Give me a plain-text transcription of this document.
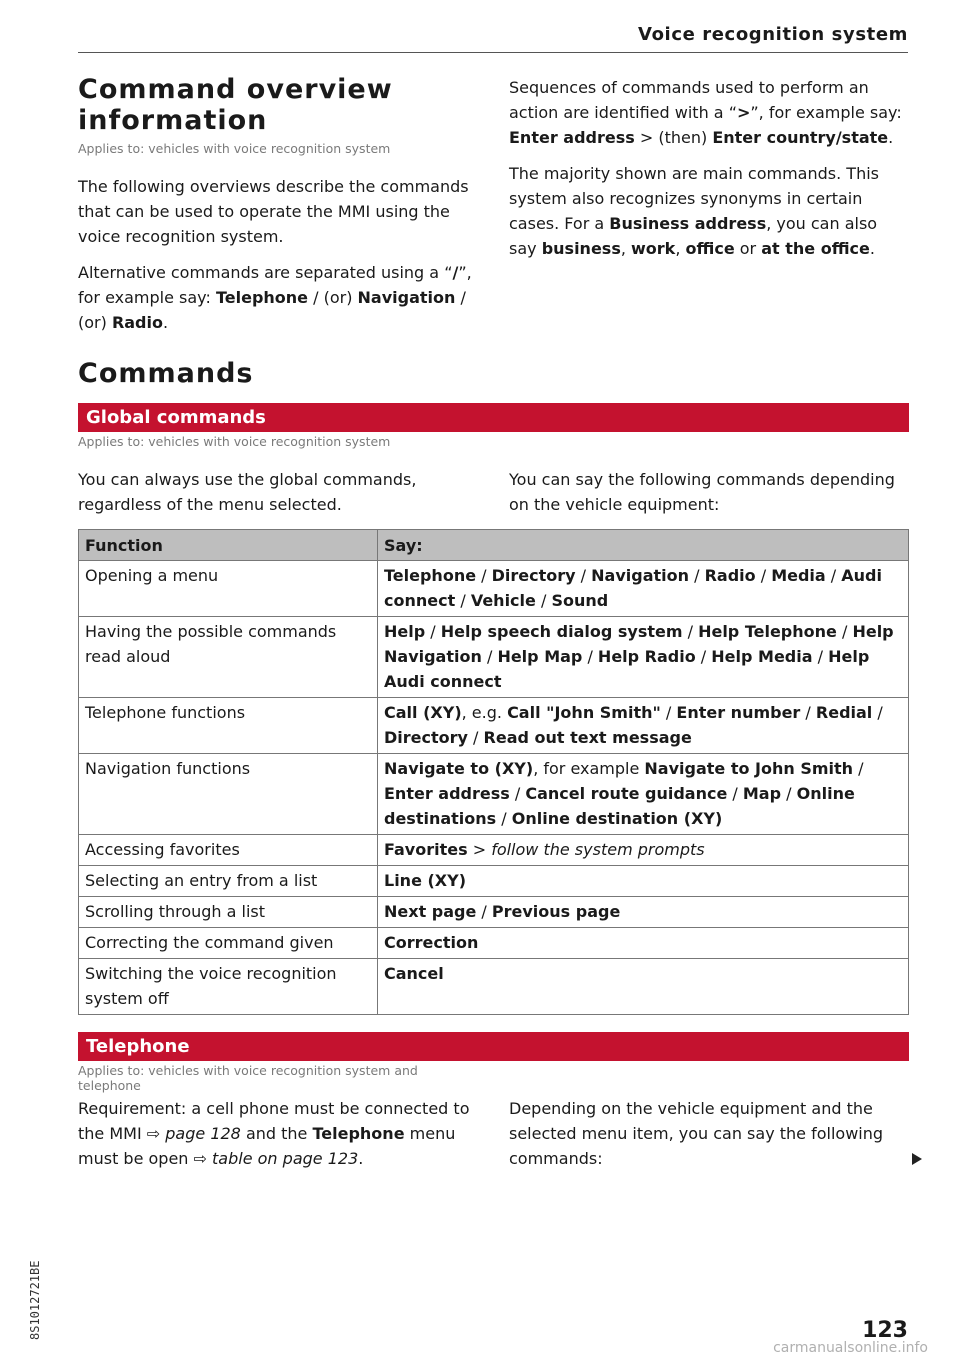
Voice recognition system
Command overview
information
Applies to: vehicles with voice recognition system

The following overviews describe the commands that can be used to operate the MMI using the voice recognition system.

Alternative commands are separated using a “/”, for example say: Telephone / (or) Navigation / (or) Radio.

Sequences of commands used to perform an action are identified with a “>”, for example say: Enter address > (then) Enter country/state.

The majority shown are main commands. This system also recognizes synonyms in certain cases. For a Business address, you can also say business, work, office or at the office.

Commands
Global commands
Applies to: vehicles with voice recognition system

You can always use the global commands, regardless of the menu selected.

You can say the following commands depending on the vehicle equipment:

Function	Say:
Opening a menu	Telephone / Directory / Navigation / Radio / Media / Audi connect / Vehicle / Sound
Having the possible commands read aloud	Help / Help speech dialog system / Help Telephone / Help Navigation / Help Map / Help Radio / Help Media / Help Audi connect
Telephone functions	Call (XY), e.g. Call "John Smith" / Enter number / Redial / Directory / Read out text message
Navigation functions	Navigate to (XY), for example Navigate to John Smith / Enter address / Cancel route guidance / Map / Online destinations / Online destination (XY)
Accessing favorites	Favorites > follow the system prompts
Selecting an entry from a list	Line (XY)
Scrolling through a list	Next page / Previous page
Correcting the command given	Correction
Switching the voice recognition system off	Cancel
Telephone
Applies to: vehicles with voice recognition system and telephone

Requirement: a cell phone must be connected to the MMI ⇨ page 128 and the Telephone menu must be open ⇨ table on page 123.

Depending on the vehicle equipment and the selected menu item, you can say the following commands:

8S1012721BE	123
carmanualsonline.info
